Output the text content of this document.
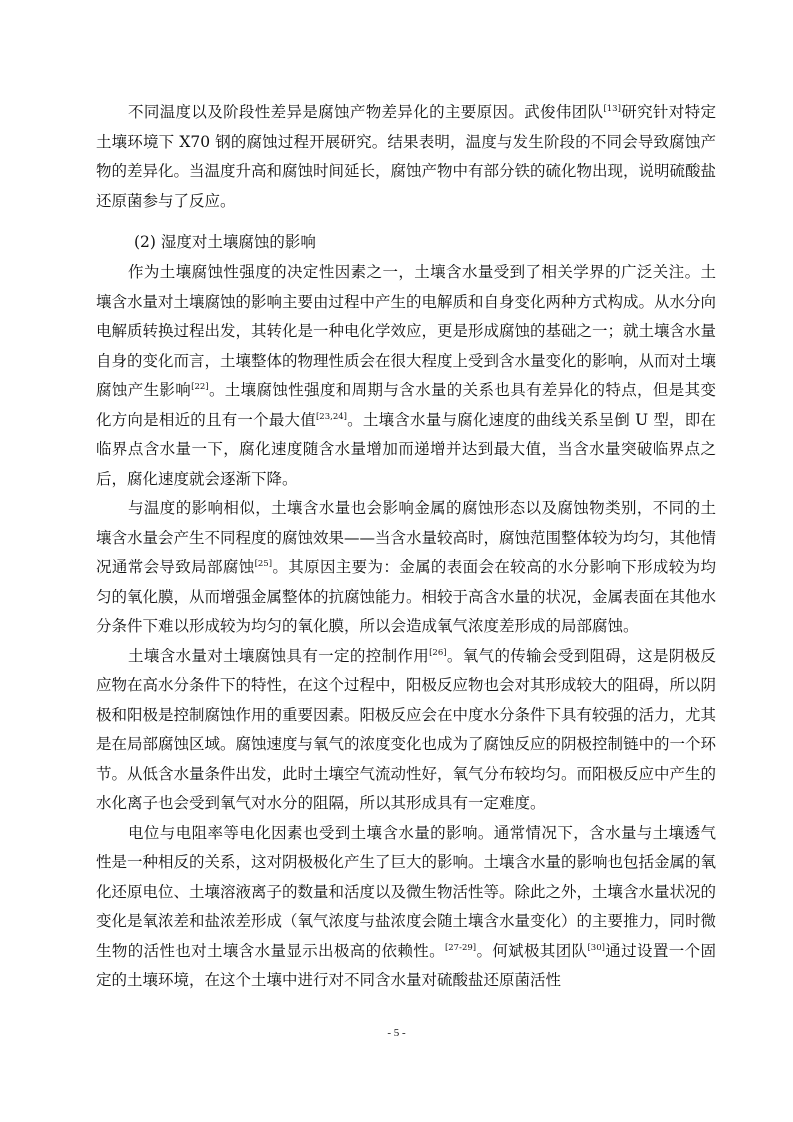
不同温度以及阶段性差异是腐蚀产物差异化的主要原因。武俊伟团队[13]研究针对特定土壤环境下 X70 钢的腐蚀过程开展研究。结果表明，温度与发生阶段的不同会导致腐蚀产物的差异化。当温度升高和腐蚀时间延长，腐蚀产物中有部分铁的硫化物出现，说明硫酸盐还原菌参与了反应。

(2) 湿度对土壤腐蚀的影响

作为土壤腐蚀性强度的决定性因素之一，土壤含水量受到了相关学界的广泛关注。土壤含水量对土壤腐蚀的影响主要由过程中产生的电解质和自身变化两种方式构成。从水分向电解质转换过程出发，其转化是一种电化学效应，更是形成腐蚀的基础之一；就土壤含水量自身的变化而言，土壤整体的物理性质会在很大程度上受到含水量变化的影响，从而对土壤腐蚀产生影响[22]。土壤腐蚀性强度和周期与含水量的关系也具有差异化的特点，但是其变化方向是相近的且有一个最大值[23,24]。土壤含水量与腐化速度的曲线关系呈倒 U 型，即在临界点含水量一下，腐化速度随含水量增加而递增并达到最大值，当含水量突破临界点之后，腐化速度就会逐渐下降。

与温度的影响相似，土壤含水量也会影响金属的腐蚀形态以及腐蚀物类别，不同的土壤含水量会产生不同程度的腐蚀效果——当含水量较高时，腐蚀范围整体较为均匀，其他情况通常会导致局部腐蚀[25]。其原因主要为：金属的表面会在较高的水分影响下形成较为均匀的氧化膜，从而增强金属整体的抗腐蚀能力。相较于高含水量的状况，金属表面在其他水分条件下难以形成较为均匀的氧化膜，所以会造成氧气浓度差形成的局部腐蚀。

土壤含水量对土壤腐蚀具有一定的控制作用[26]。氧气的传输会受到阻碍，这是阴极反应物在高水分条件下的特性，在这个过程中，阳极反应物也会对其形成较大的阻碍，所以阴极和阳极是控制腐蚀作用的重要因素。阳极反应会在中度水分条件下具有较强的活力，尤其是在局部腐蚀区域。腐蚀速度与氧气的浓度变化也成为了腐蚀反应的阴极控制链中的一个环节。从低含水量条件出发，此时土壤空气流动性好，氧气分布较均匀。而阳极反应中产生的水化离子也会受到氧气对水分的阻隔，所以其形成具有一定难度。

电位与电阻率等电化因素也受到土壤含水量的影响。通常情况下，含水量与土壤透气性是一种相反的关系，这对阴极极化产生了巨大的影响。土壤含水量的影响也包括金属的氧化还原电位、土壤溶液离子的数量和活度以及微生物活性等。除此之外，土壤含水量状况的变化是氧浓差和盐浓差形成（氧气浓度与盐浓度会随土壤含水量变化）的主要推力，同时微生物的活性也对土壤含水量显示出极高的依赖性。[27-29]。何斌极其团队[30]通过设置一个固定的土壤环境，在这个土壤中进行对不同含水量对硫酸盐还原菌活性

- 5 -
